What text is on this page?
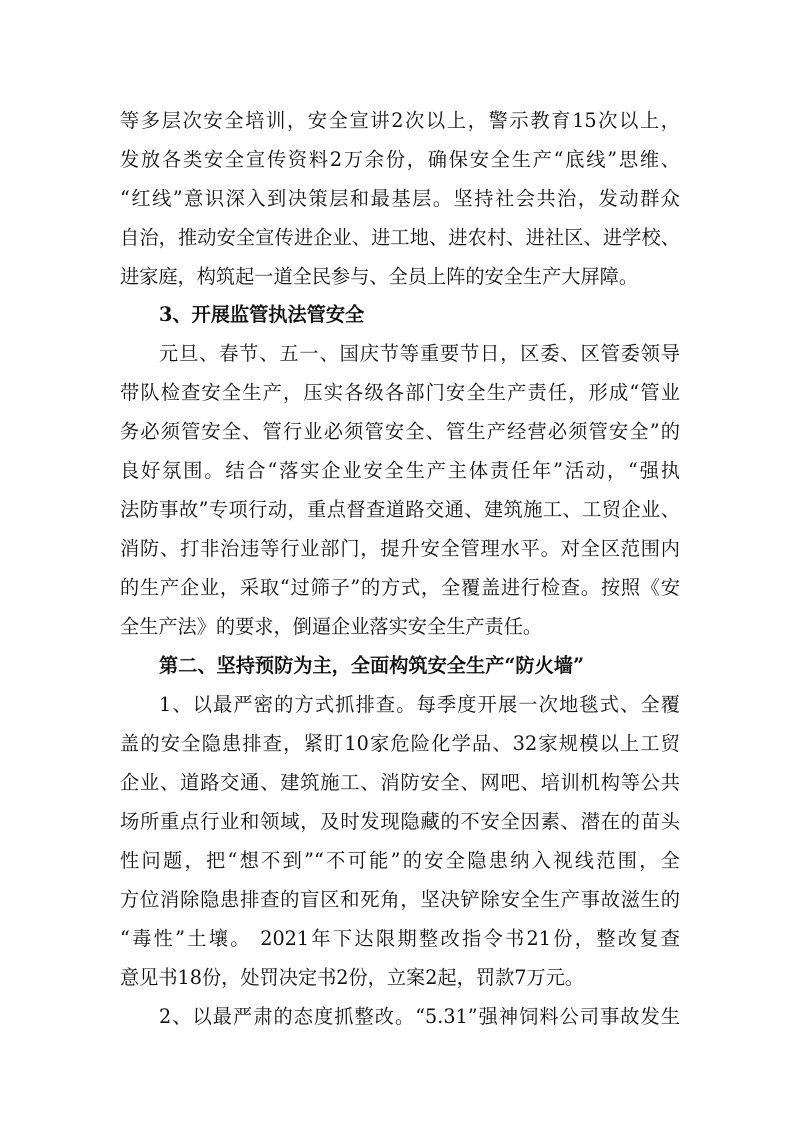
等多层次安全培训，安全宣讲2次以上，警示教育15次以上，
发放各类安全宣传资料2万余份，确保安全生产“底线”思维、
“红线”意识深入到决策层和最基层。坚持社会共治，发动群众
自治，推动安全宣传进企业、进工地、进农村、进社区、进学校、
进家庭，构筑起一道全民参与、全员上阵的安全生产大屏障。
3、开展监管执法管安全
元旦、春节、五一、国庆节等重要节日，区委、区管委领导
带队检查安全生产，压实各级各部门安全生产责任，形成“管业
务必须管安全、管行业必须管安全、管生产经营必须管安全”的
良好氛围。结合“落实企业安全生产主体责任年”活动，“强执
法防事故”专项行动，重点督查道路交通、建筑施工、工贸企业、
消防、打非治违等行业部门，提升安全管理水平。对全区范围内
的生产企业，采取“过筛子”的方式，全覆盖进行检查。按照《安
全生产法》的要求，倒逼企业落实安全生产责任。
第二、坚持预防为主，全面构筑安全生产“防火墙”
1、以最严密的方式抓排查。每季度开展一次地毯式、全覆
盖的安全隐患排查，紧盯10家危险化学品、32家规模以上工贸
企业、道路交通、建筑施工、消防安全、网吧、培训机构等公共
场所重点行业和领域，及时发现隐藏的不安全因素、潜在的苗头
性问题，把“想不到”“不可能”的安全隐患纳入视线范围，全
方位消除隐患排查的盲区和死角，坚决铲除安全生产事故滋生的
“毒性”土壤。 2021年下达限期整改指令书21份，整改复查
意见书18份，处罚决定书2份，立案2起，罚款7万元。
2、以最严肃的态度抓整改。“5.31”强神饲料公司事故发生
